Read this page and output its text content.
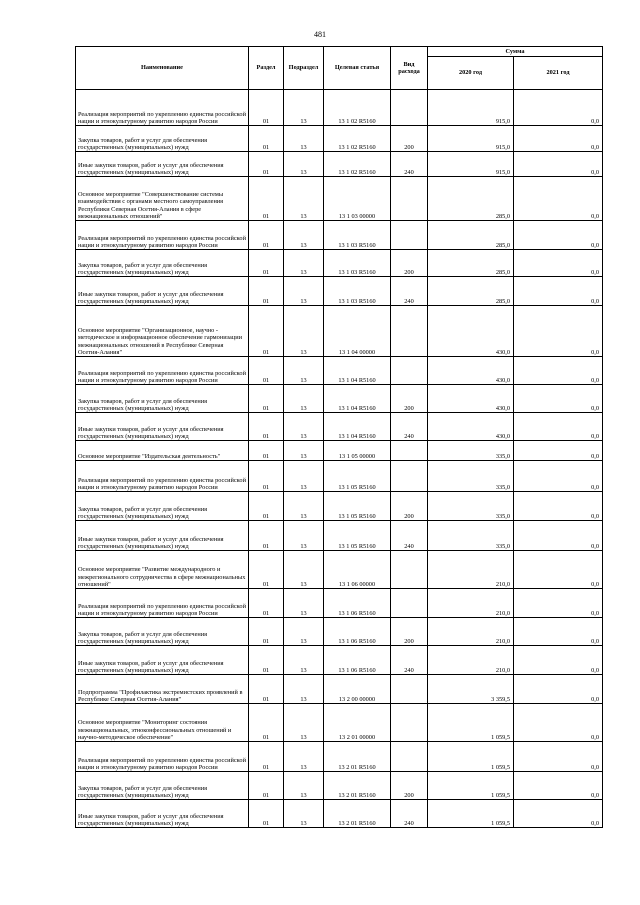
481
Наименование	Раздел	Подраздел	Целевая статья	Вид расхода	Сумма	
					2020 год	2021 год
Реализация мероприятий по укреплению единства российской нации и этнокультурному развитию народов России	01	13	13 1 02 R5160		915,0	0,0
Закупка товаров, работ и услуг для обеспечения государственных (муниципальных) нужд	01	13	13 1 02 R5160	200	915,0	0,0
Иные закупки товаров, работ и услуг для обеспечения государственных (муниципальных) нужд	01	13	13 1 02 R5160	240	915,0	0,0
Основное мероприятие "Совершенствование системы взаимодействия с органами местного самоуправления Республики Северная Осетия-Алания в сфере межнациональных отношений"	01	13	13 1 03 00000		285,0	0,0
Реализация мероприятий по укреплению единства российской нации и этнокультурному развитию народов России	01	13	13 1 03 R5160		285,0	0,0
Закупка товаров, работ и услуг для обеспечения государственных (муниципальных) нужд	01	13	13 1 03 R5160	200	285,0	0,0
Иные закупки товаров, работ и услуг для обеспечения государственных (муниципальных) нужд	01	13	13 1 03 R5160	240	285,0	0,0
Основное мероприятие "Организационное, научно - методическое и информационное обеспечение гармонизации межнациональных отношений в Республике Северная Осетия-Алания"	01	13	13 1 04 00000		430,0	0,0
Реализация мероприятий по укреплению единства российской нации и этнокультурному развитию народов России	01	13	13 1 04 R5160		430,0	0,0
Закупка товаров, работ и услуг для обеспечения государственных (муниципальных) нужд	01	13	13 1 04 R5160	200	430,0	0,0
Иные закупки товаров, работ и услуг для обеспечения государственных (муниципальных) нужд	01	13	13 1 04 R5160	240	430,0	0,0
Основное мероприятие "Издательская деятельность"	01	13	13 1 05 00000		335,0	0,0
Реализация мероприятий по укреплению единства российской нации и этнокультурному развитию народов России	01	13	13 1 05 R5160		335,0	0,0
Закупка товаров, работ и услуг для обеспечения государственных (муниципальных) нужд	01	13	13 1 05 R5160	200	335,0	0,0
Иные закупки товаров, работ и услуг для обеспечения государственных (муниципальных) нужд	01	13	13 1 05 R5160	240	335,0	0,0
Основное мероприятие "Развитие международного и межрегионального сотрудничества в сфере межнациональных отношений"	01	13	13 1 06 00000		210,0	0,0
Реализация мероприятий по укреплению единства российской нации и этнокультурному развитию народов России	01	13	13 1 06 R5160		210,0	0,0
Закупка товаров, работ и услуг для обеспечения государственных (муниципальных) нужд	01	13	13 1 06 R5160	200	210,0	0,0
Иные закупки товаров, работ и услуг для обеспечения государственных (муниципальных) нужд	01	13	13 1 06 R5160	240	210,0	0,0
Подпрограмма "Профилактика экстремистских проявлений в Республике Северная Осетия-Алания"	01	13	13 2 00 00000		3 359,5	0,0
Основное мероприятие "Мониторинг состояния межнациональных, этноконфессиональных отношений и научно-методическое обеспечение"	01	13	13 2 01 00000		1 059,5	0,0
Реализация мероприятий по укреплению единства российской нации и этнокультурному развитию народов России	01	13	13 2 01 R5160		1 059,5	0,0
Закупка товаров, работ и услуг для обеспечения государственных (муниципальных) нужд	01	13	13 2 01 R5160	200	1 059,5	0,0
Иные закупки товаров, работ и услуг для обеспечения государственных (муниципальных) нужд	01	13	13 2 01 R5160	240	1 059,5	0,0
